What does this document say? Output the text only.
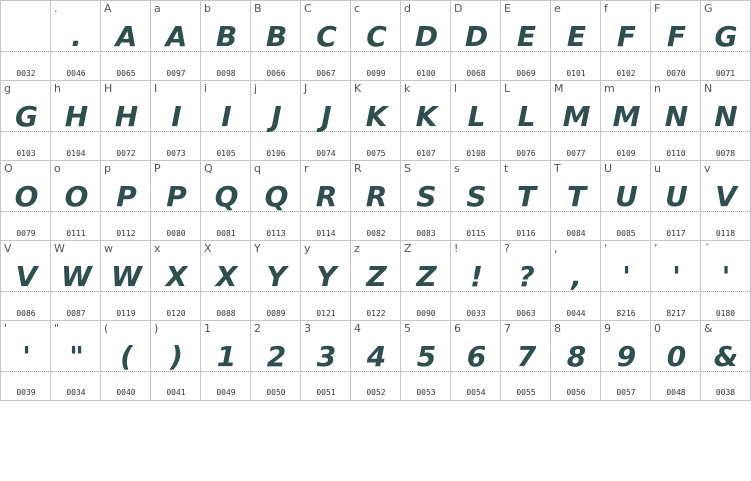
0032
.
.
0046
A
A
0065
a
A
0097
b
B
0098
B
B
0066
C
C
0067
c
C
0099
d
D
0100
D
D
0068
E
E
0069
e
E
0101
f
F
0102
F
F
0070
G
G
0071
g
G
0103
h
H
0104
H
H
0072
I
I
0073
i
I
0105
j
J
0106
J
J
0074
K
K
0075
k
K
0107
l
L
0108
L
L
0076
M
M
0077
m
M
0109
n
N
0110
N
N
0078
O
O
0079
o
O
0111
p
P
0112
P
P
0080
Q
Q
0081
q
Q
0113
r
R
0114
R
R
0082
S
S
0083
s
S
0115
t
T
0116
T
T
0084
U
U
0085
u
U
0117
v
V
0118
V
V
0086
W
W
0087
w
W
0119
x
X
0120
X
X
0088
Y
Y
0089
y
Y
0121
z
Z
0122
Z
Z
0090
!
!
0033
?
?
0063
,
,
0044
‘
'
8216
’
'
8217
´
'
0180
'
'
0039
"
"
0034
(
(
0040
)
)
0041
1
1
0049
2
2
0050
3
3
0051
4
4
0052
5
5
0053
6
6
0054
7
7
0055
8
8
0056
9
9
0057
0
0
0048
&
&
0038
